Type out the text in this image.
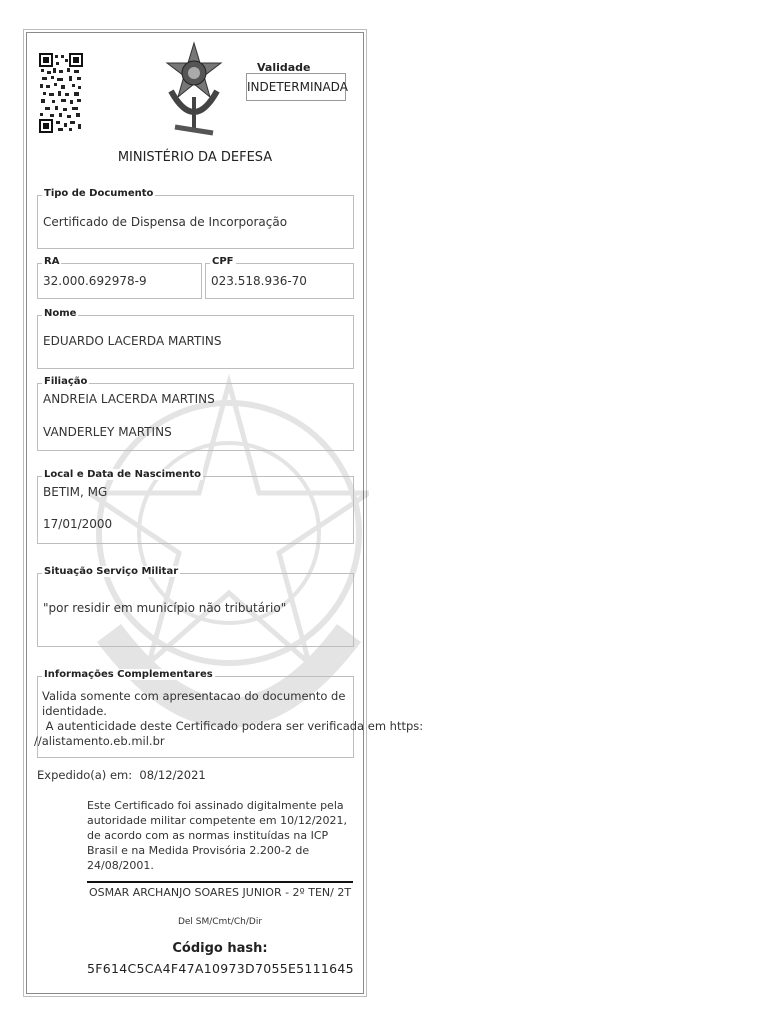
Validade
INDETERMINADA
MINISTÉRIO DA DEFESA
Tipo de Documento
Certificado de Dispensa de Incorporação
RA
32.000.692978-9
CPF
023.518.936-70
Nome
EDUARDO LACERDA MARTINS
Filiação
ANDREIA LACERDA MARTINS
VANDERLEY MARTINS
Local e Data de Nascimento
BETIM, MG
17/01/2000
Situação Serviço Militar
"por residir em município não tributário"
Informações Complementares
Valida somente com apresentacao do documento de identidade.
A autenticidade deste Certificado podera ser verificada em https:
//alistamento.eb.mil.br
Expedido(a) em: 08/12/2021
Este Certificado foi assinado digitalmente pela autoridade militar competente em 10/12/2021, de acordo com as normas instituídas na ICP Brasil e na Medida Provisória 2.200-2 de 24/08/2001.
OSMAR ARCHANJO SOARES JUNIOR - 2º TEN/ 2T
Del SM/Cmt/Ch/Dir
Código hash:
5F614C5CA4F47A10973D7055E5111645
